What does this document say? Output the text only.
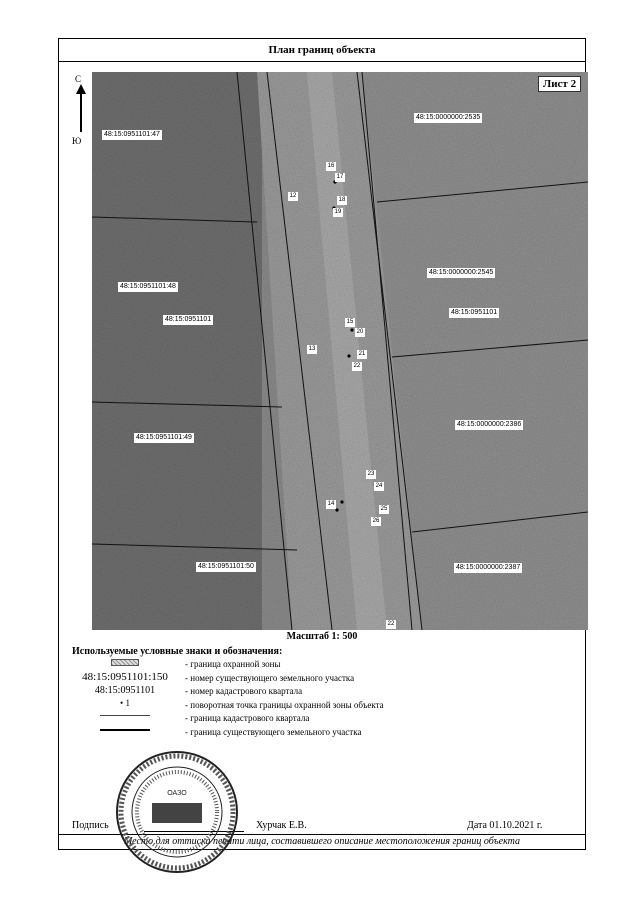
План границ объекта
48:15:0951101:47
48:15:0000000:2535
48:15:0000000:2545
48:15:0951101:48
48:15:0951101
48:15:0951101
48:15:0951101:49
48:15:0000000:2386
48:15:0951101:50	48:15:0000000:2387
16
17
12
18
19
15
20
13
21
22
23
24
14
25
26
22
Лист 2
С
Ю
Масштаб 1: 500
Используемые условные знаки и обозначения:
- граница охранной зоны
48:15:0951101:150	- номер существующего земельного участка
48:15:0951101	- номер кадастрового квартала
• 1	- поворотная точка границы охранной зоны объекта
- граница кадастрового квартала
- граница существующего земельного участка
Подпись	Хурчак Е.В.	Дата 01.10.2021 г.
Место для оттиска печати лица, составившего описание местоположения границ объекта
ОАЗО
